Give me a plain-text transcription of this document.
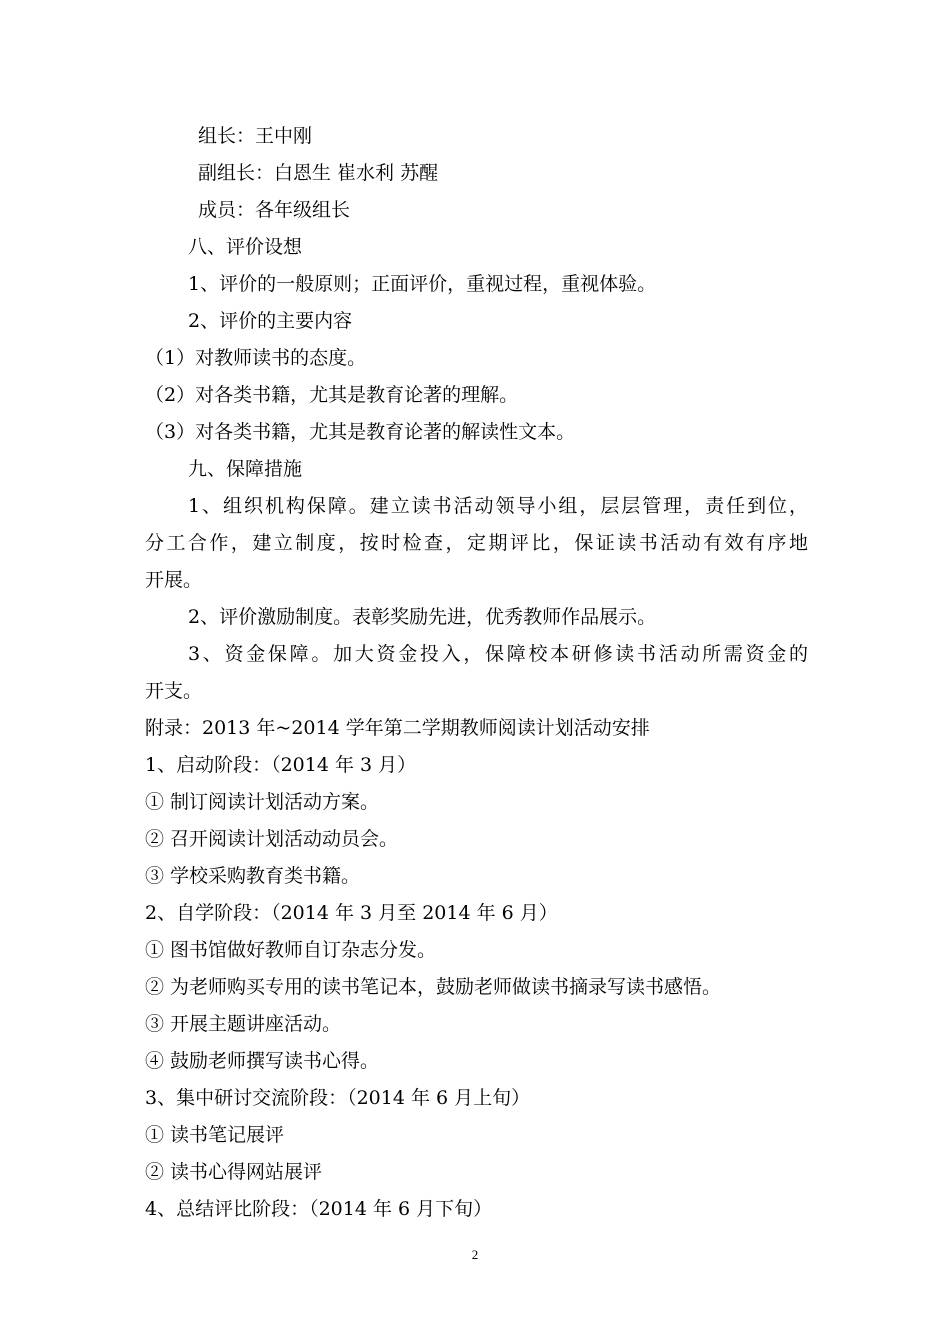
组长：王中刚
副组长：白恩生 崔水利 苏醒
成员：各年级组长
八、评价设想
1、评价的一般原则；正面评价，重视过程，重视体验。
2、评价的主要内容
（1）对教师读书的态度。
（2）对各类书籍，尤其是教育论著的理解。
（3）对各类书籍，尤其是教育论著的解读性文本。
九、保障措施
1、组织机构保障。建立读书活动领导小组，层层管理，责任到位，
分工合作，建立制度，按时检查，定期评比，保证读书活动有效有序地
开展。
2、评价激励制度。表彰奖励先进，优秀教师作品展示。
3、资金保障。加大资金投入，保障校本研修读书活动所需资金的
开支。
附录：2013 年~2014 学年第二学期教师阅读计划活动安排
1、启动阶段：（2014 年 3 月）
① 制订阅读计划活动方案。
② 召开阅读计划活动动员会。
③ 学校采购教育类书籍。
2、自学阶段：（2014 年 3 月至 2014 年 6 月）
① 图书馆做好教师自订杂志分发。
② 为老师购买专用的读书笔记本，鼓励老师做读书摘录写读书感悟。
③ 开展主题讲座活动。
④ 鼓励老师撰写读书心得。
3、集中研讨交流阶段：（2014 年 6 月上旬）
① 读书笔记展评
② 读书心得网站展评
4、总结评比阶段：（2014 年 6 月下旬）
2
